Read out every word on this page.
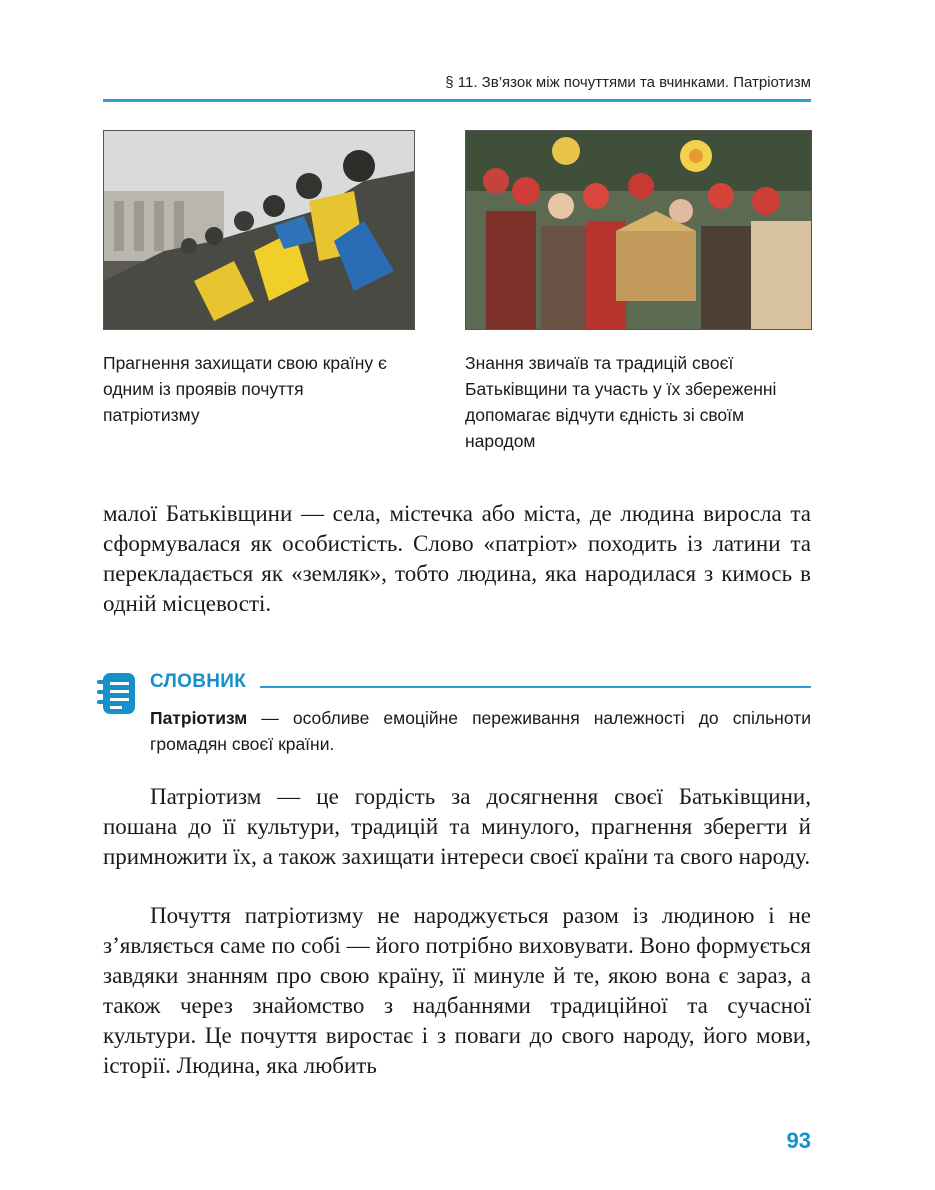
§ 11. Зв’язок між почуттями та вчинками. Патріотизм
Прагнення захищати свою країну є одним із проявів почуття патріотизму
Знання звичаїв та традицій своєї Батьківщини та участь у їх збереженні допомагає відчути єдність зі своїм народом

малої Батьківщини — села, містечка або міста, де людина виросла та сформувалася як особистість. Слово «патріот» походить із латини та перекладається як «земляк», тобто людина, яка народилася з кимось в одній місцевості.

СЛОВНИК
Патріотизм — особливе емоційне переживання належності до спільноти громадян своєї країни.

Патріотизм — це гордість за досягнення своєї Батьківщини, пошана до її культури, традицій та минулого, прагнення зберегти й примножити їх, а також захищати інтереси своєї країни та свого народу.

Почуття патріотизму не народжується разом із людиною і не з’являється саме по собі — його потрібно виховувати. Воно формується завдяки знанням про свою країну, її минуле й те, якою вона є зараз, а також через знайомство з надбаннями традиційної та сучасної культури. Це почуття виростає і з поваги до свого народу, його мови, історії. Людина, яка любить

93
